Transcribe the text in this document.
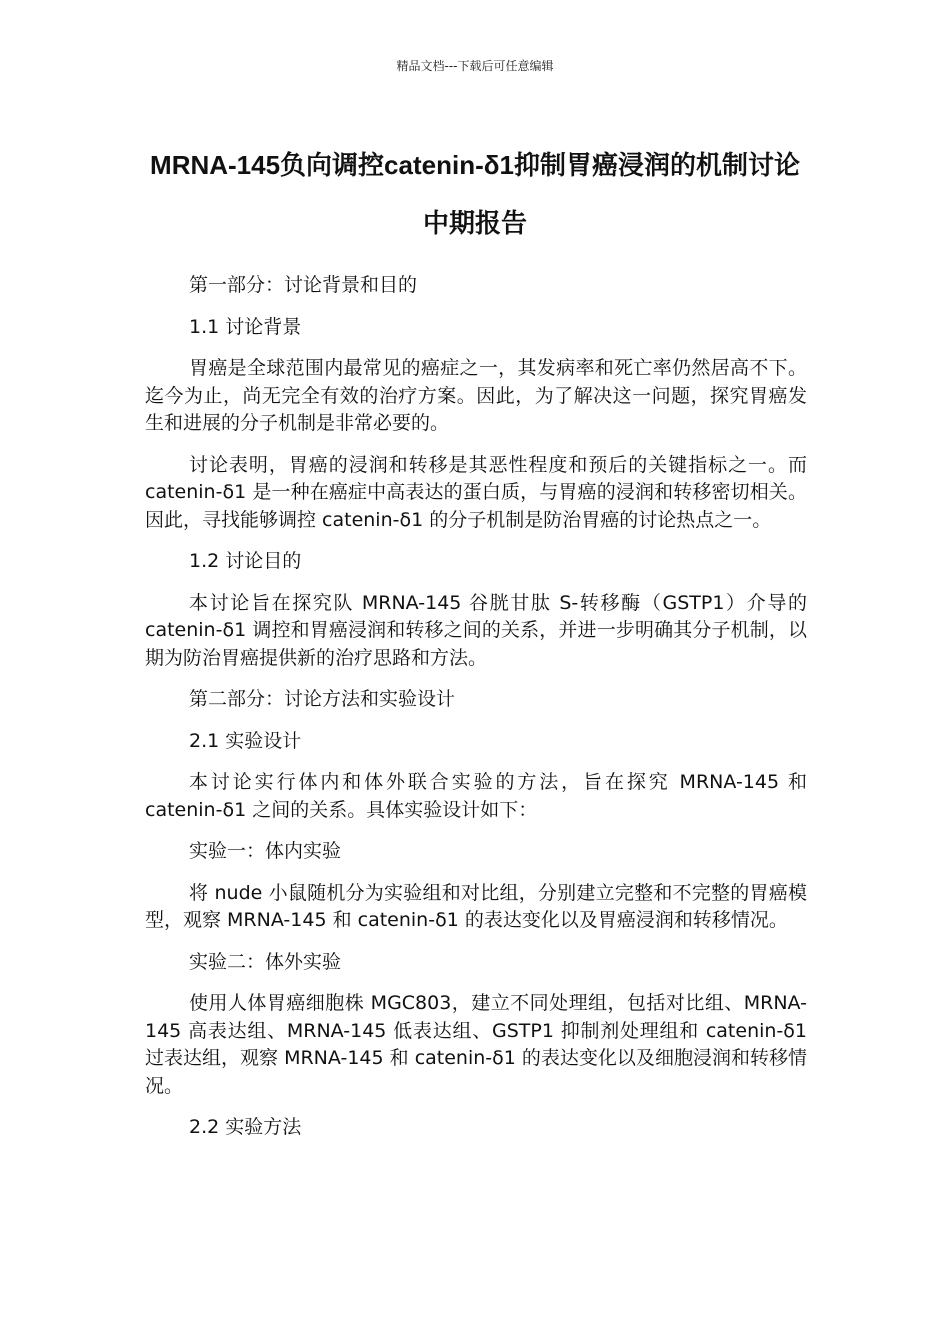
精品文档---下载后可任意编辑
MRNA-145负向调控catenin-δ1抑制胃癌浸润的机制讨论中期报告

第一部分：讨论背景和目的

1.1 讨论背景

胃癌是全球范围内最常见的癌症之一，其发病率和死亡率仍然居高不下。迄今为止，尚无完全有效的治疗方案。因此，为了解决这一问题，探究胃癌发生和进展的分子机制是非常必要的。

讨论表明，胃癌的浸润和转移是其恶性程度和预后的关键指标之一。而 catenin-δ1 是一种在癌症中高表达的蛋白质，与胃癌的浸润和转移密切相关。因此，寻找能够调控 catenin-δ1 的分子机制是防治胃癌的讨论热点之一。

1.2 讨论目的

本讨论旨在探究队 MRNA-145 谷胱甘肽 S-转移酶（GSTP1）介导的 catenin-δ1 调控和胃癌浸润和转移之间的关系，并进一步明确其分子机制，以期为防治胃癌提供新的治疗思路和方法。

第二部分：讨论方法和实验设计

2.1 实验设计

本讨论实行体内和体外联合实验的方法，旨在探究 MRNA-145 和 catenin-δ1 之间的关系。具体实验设计如下：

实验一：体内实验

将 nude 小鼠随机分为实验组和对比组，分别建立完整和不完整的胃癌模型，观察 MRNA-145 和 catenin-δ1 的表达变化以及胃癌浸润和转移情况。

实验二：体外实验

使用人体胃癌细胞株 MGC803，建立不同处理组，包括对比组、MRNA-145 高表达组、MRNA-145 低表达组、GSTP1 抑制剂处理组和 catenin-δ1 过表达组，观察 MRNA-145 和 catenin-δ1 的表达变化以及细胞浸润和转移情况。

2.2 实验方法
